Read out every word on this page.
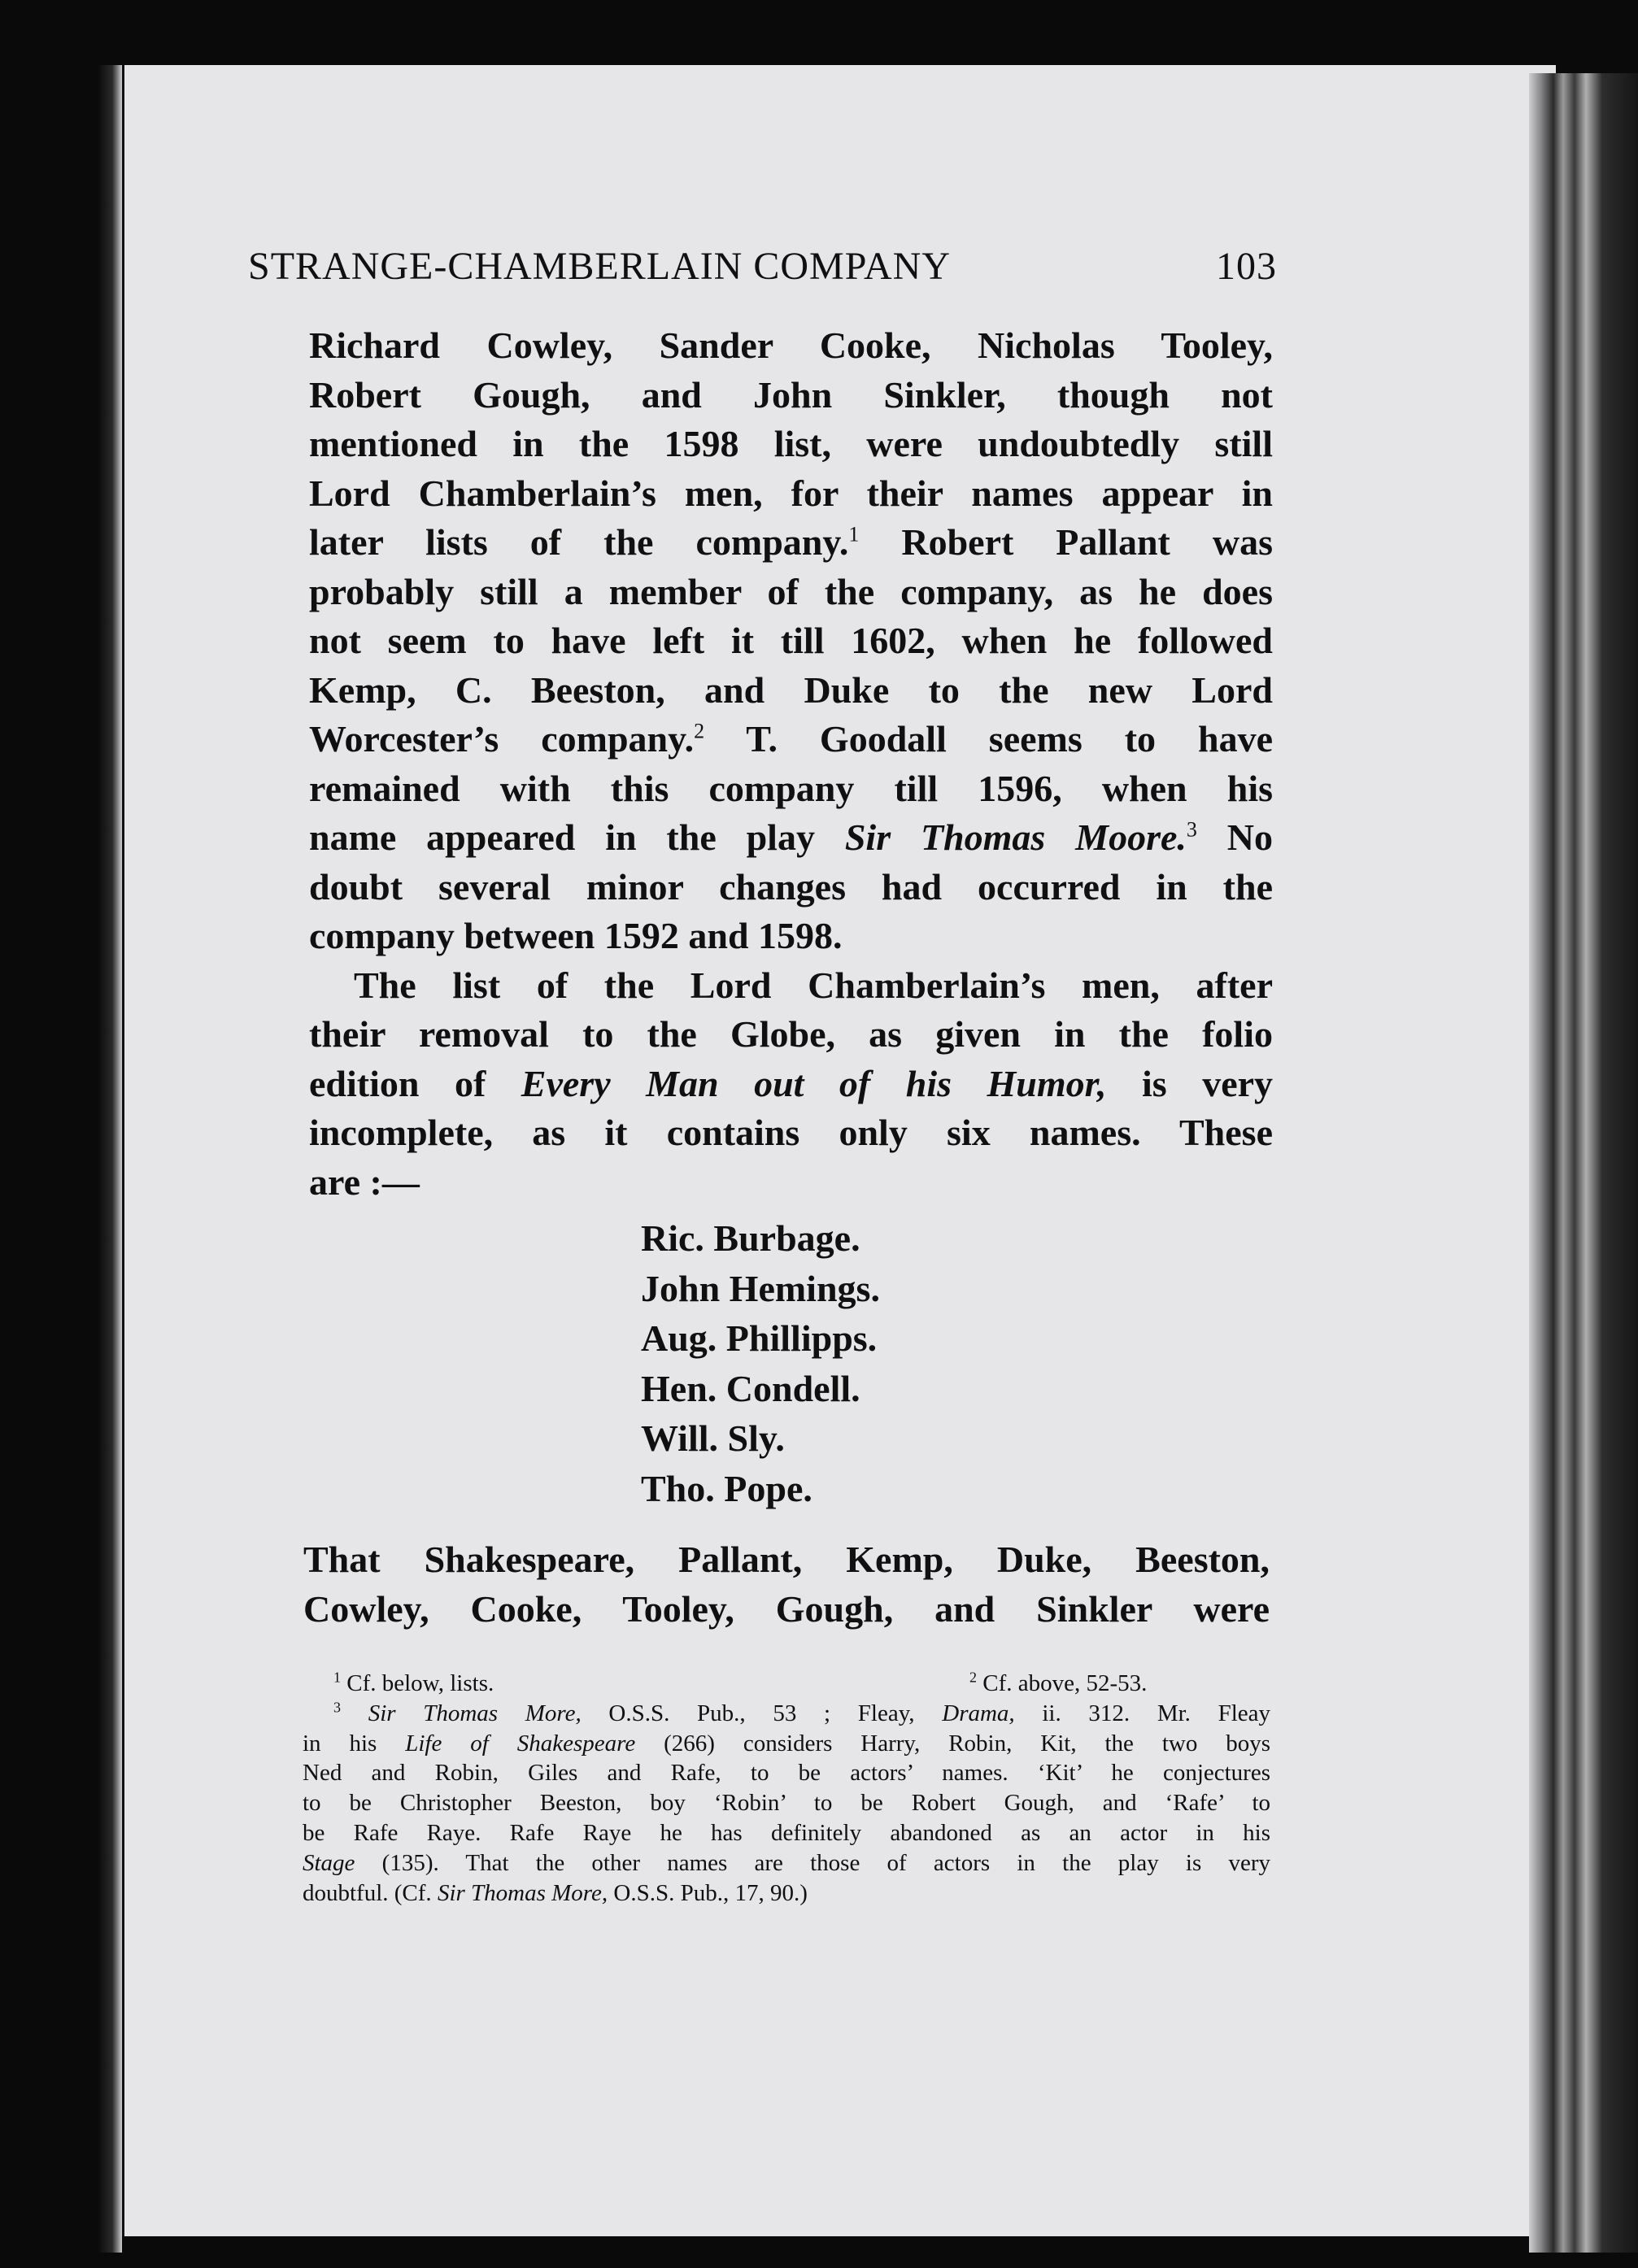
STRANGE-CHAMBERLAIN COMPANY	103
Richard Cowley, Sander Cooke, Nicholas Tooley,
Robert Gough, and John Sinkler, though not
mentioned in the 1598 list, were undoubtedly still
Lord Chamberlain’s men, for their names appear in
later lists of the company.$^1$ Robert Pallant was
probably still a member of the company, as he does
not seem to have left it till 1602, when he followed
Kemp, C. Beeston, and Duke to the new Lord
Worcester’s company.$^2$ T. Goodall seems to have
remained with this company till 1596, when his
name appeared in the play Sir Thomas Moore.$^3$ No
doubt several minor changes had occurred in the
company between 1592 and 1598.
The list of the Lord Chamberlain’s men, after
their removal to the Globe, as given in the folio
edition of Every Man out of his Humor, is very
incomplete, as it contains only six names. These
are :—
Ric. Burbage.
John Hemings.
Aug. Phillipps.
Hen. Condell.
Will. Sly.
Tho. Pope.
That Shakespeare, Pallant, Kemp, Duke, Beeston,
Cowley, Cooke, Tooley, Gough, and Sinkler were
$^1$ Cf. below, lists.	$^2$ Cf. above, 52-53.
$^3$ Sir Thomas More, O.S.S. Pub., 53 ; Fleay, Drama, ii. 312. Mr. Fleay
in his Life of Shakespeare (266) considers Harry, Robin, Kit, the two boys
Ned and Robin, Giles and Rafe, to be actors’ names. ‘Kit’ he conjectures
to be Christopher Beeston, boy ‘Robin’ to be Robert Gough, and ‘Rafe’ to
be Rafe Raye. Rafe Raye he has definitely abandoned as an actor in his
Stage (135). That the other names are those of actors in the play is very
doubtful. (Cf. Sir Thomas More, O.S.S. Pub., 17, 90.)
